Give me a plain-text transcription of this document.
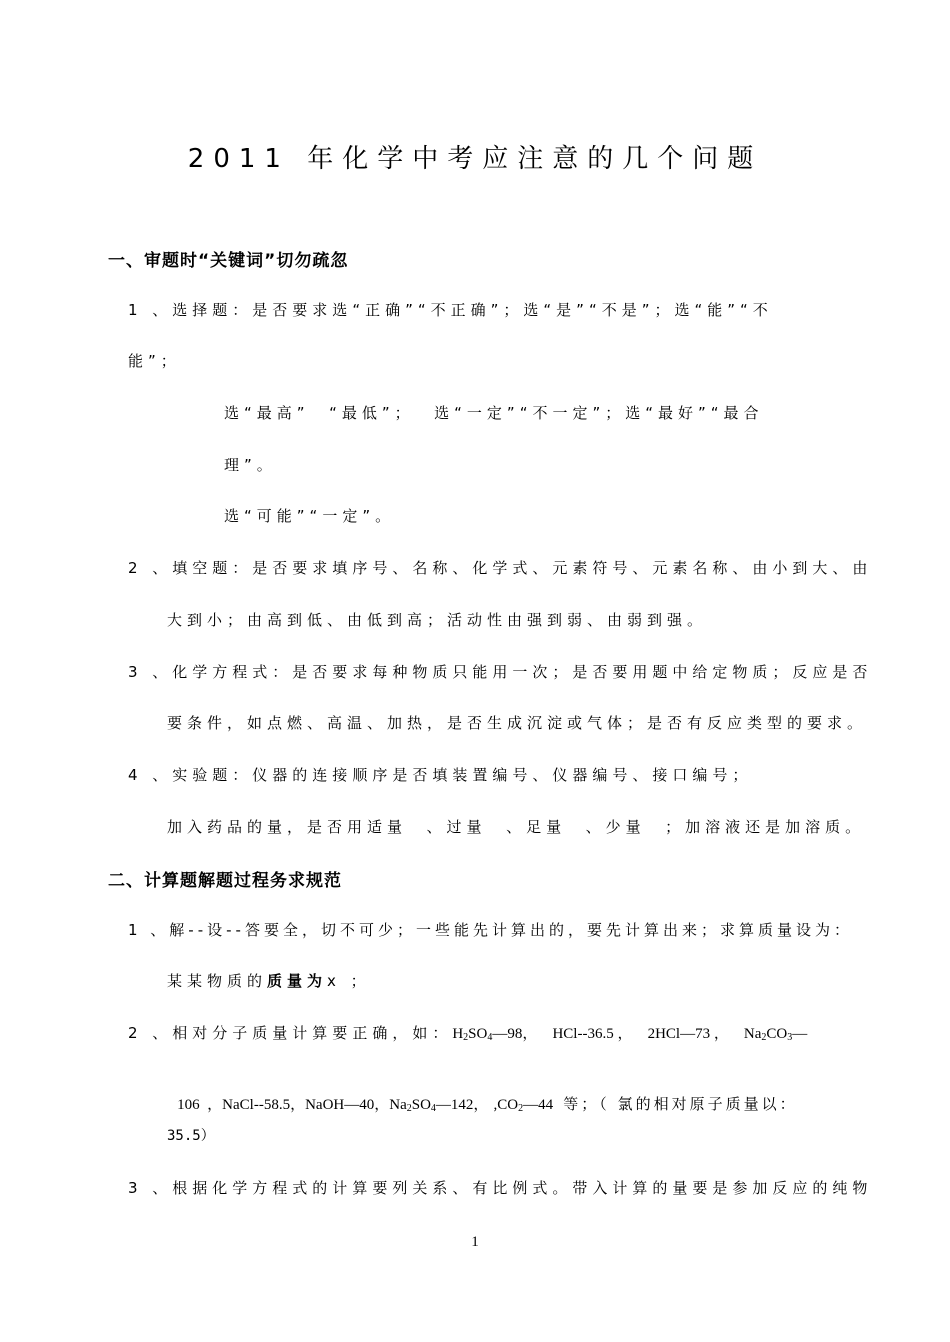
2011 年化学中考应注意的几个问题
一、审题时“关键词”切勿疏忽
1 、选择题：是否要求选“正确”“不正确”；选“是”“不是”；选“能”“不
能”；
选“最高”  “最低”；  选“一定”“不一定”；选“最好”“最合
理”。
选“可能”“一定”。
2 、填空题：是否要求填序号、名称、化学式、元素符号、元素名称、由小到大、由
大到小；由高到低、由低到高；活动性由强到弱、由弱到强。
3 、化学方程式：是否要求每种物质只能用一次；是否要用题中给定物质；反应是否
要条件，如点燃、高温、加热，是否生成沉淀或气体；是否有反应类型的要求。
4 、实验题：仪器的连接顺序是否填装置编号、仪器编号、接口编号；
加入药品的量，是否用适量  、过量  、足量  、少量  ；加溶液还是加溶质。
二、计算题解题过程务求规范
1 、解--设--答要全，切不可少；一些能先计算出的，要先计算出来；求算质量设为：
某某物质的质量为x ；
2 、相对分子质量计算要正确，如：$H_2SO_4—98$， HCl--36.5 ， 2HCl—73 ， $Na_2CO_3—$

106  ，NaCl--58.5，NaOH—40，$Na_2SO_4—142$， $,CO_2—44$ 等；（ 氯的相对原子质量以：

35.5）
3 、根据化学方程式的计算要列关系、有比例式。带入计算的量要是参加反应的纯物
1
